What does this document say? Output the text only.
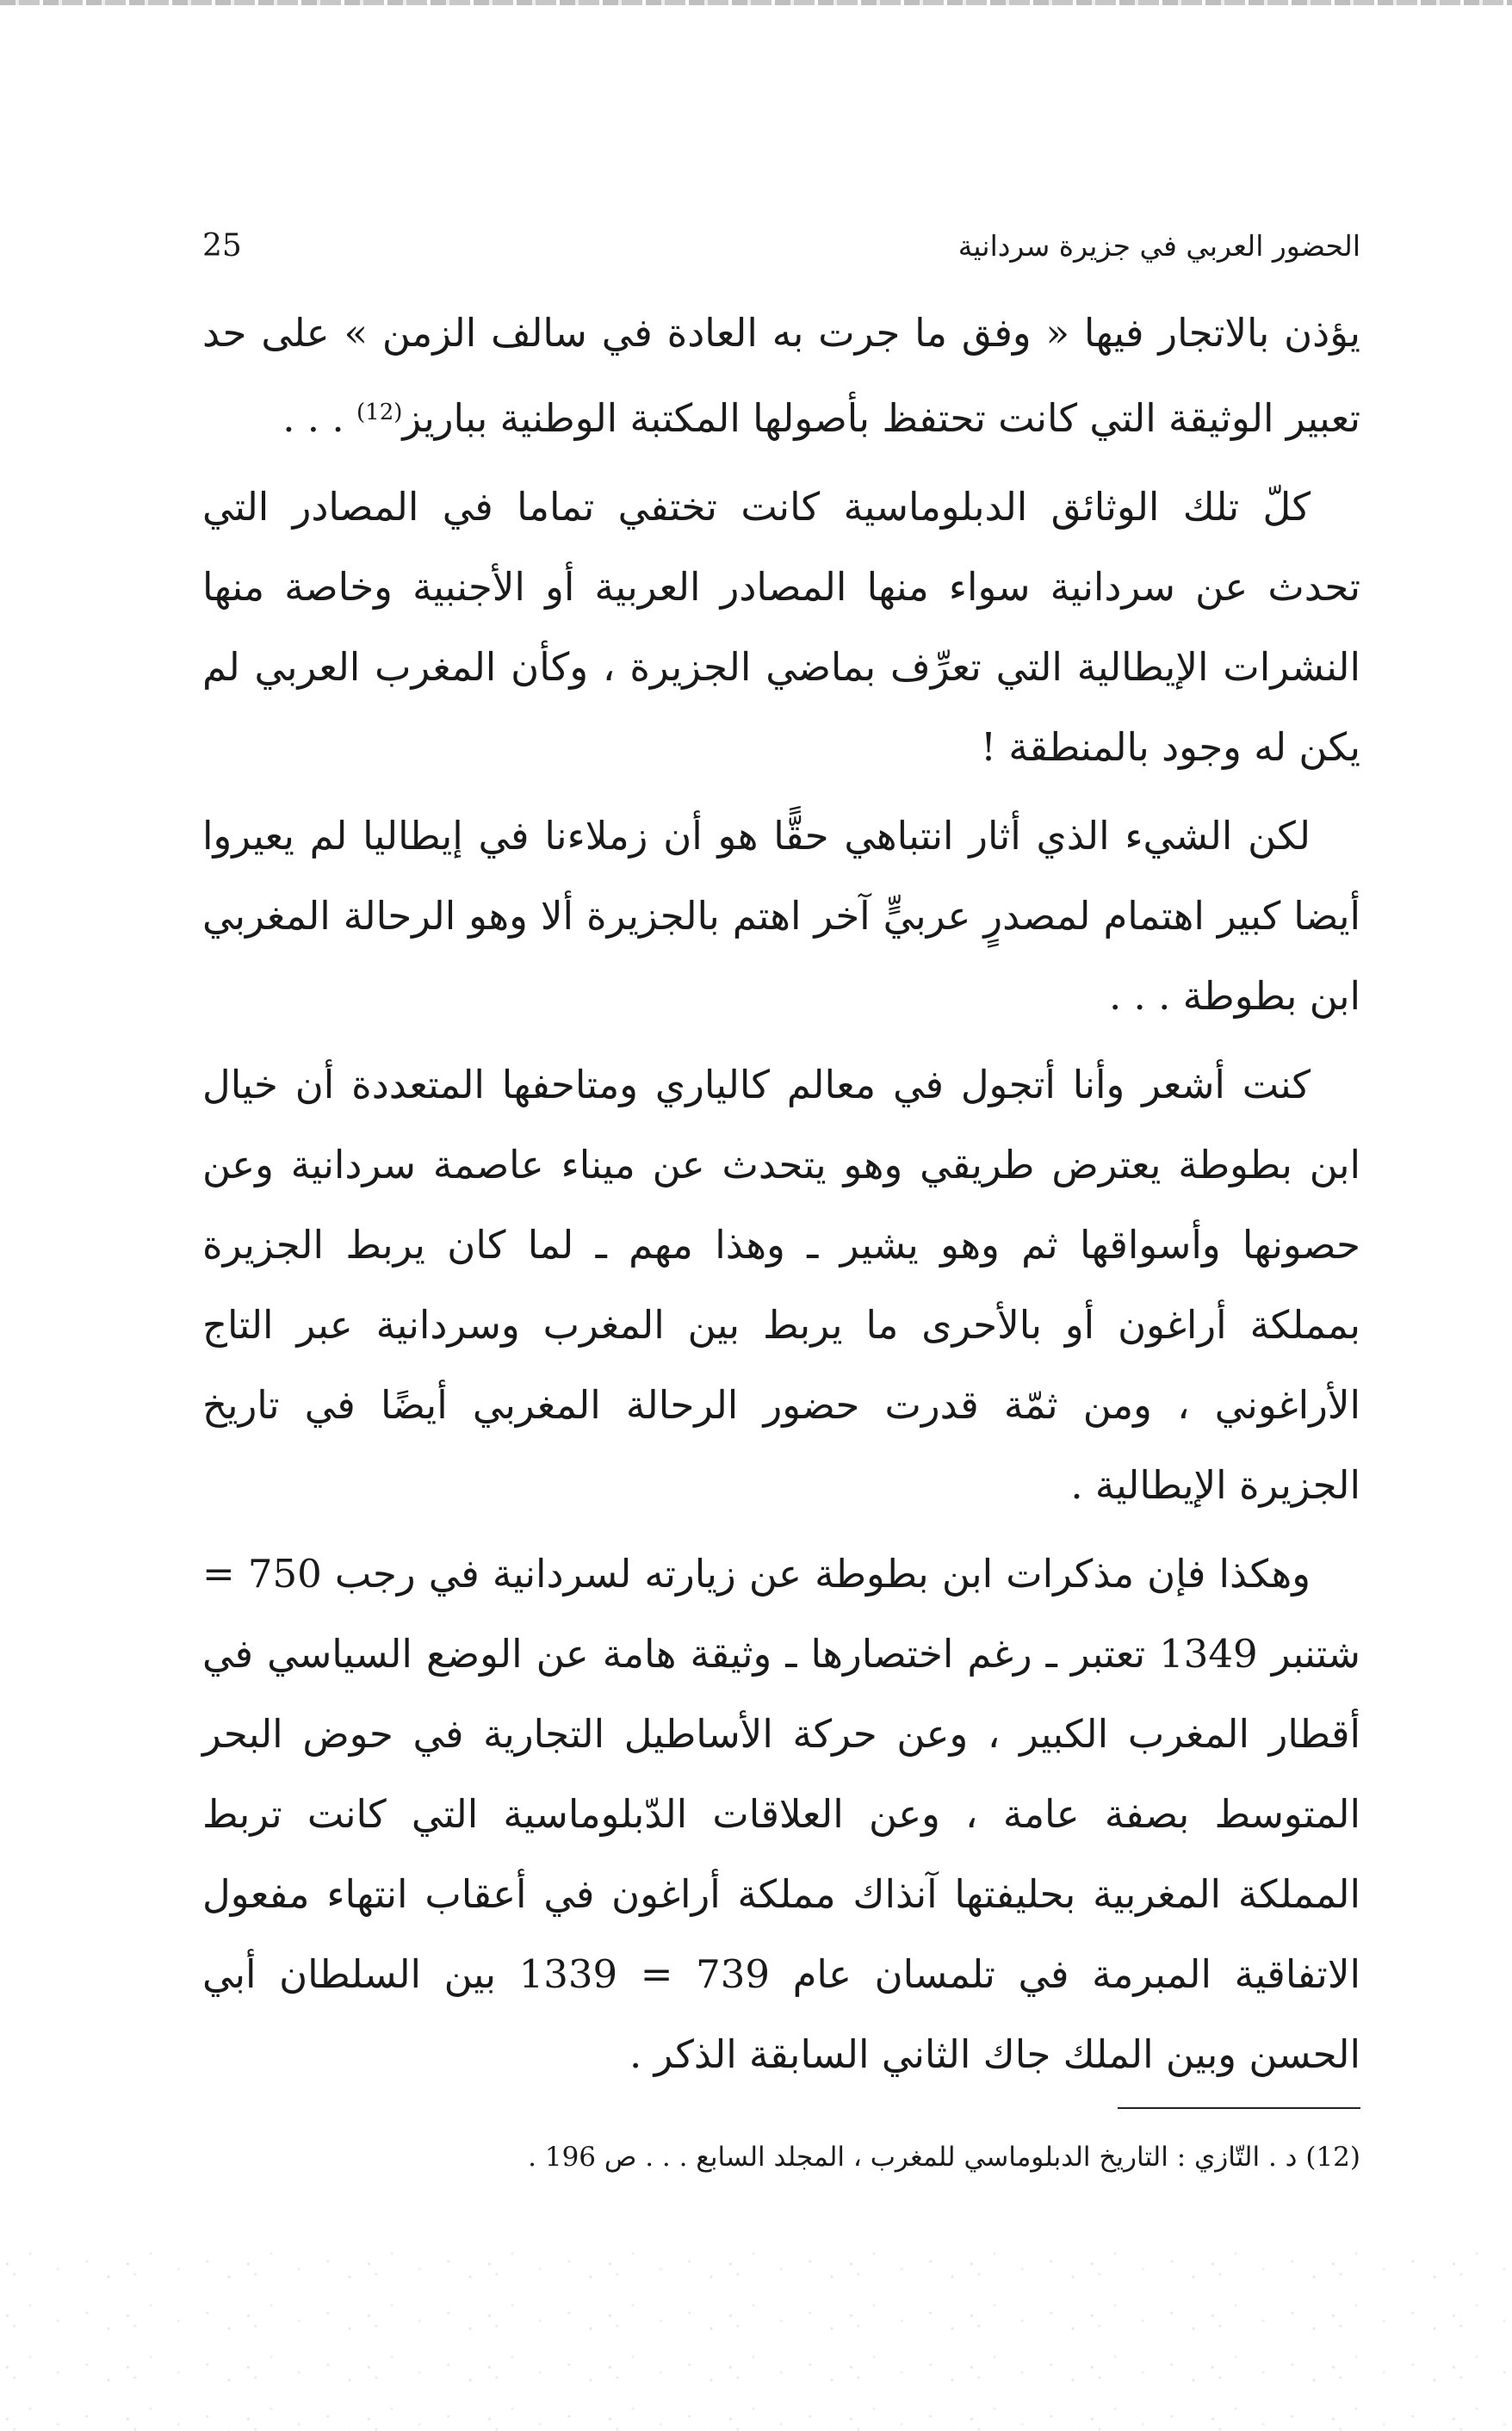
25	الحضور العربي في جزيرة سردانية

يؤذن بالاتجار فيها « وفق ما جرت به العادة في سالف الزمن » على حد تعبير الوثيقة التي كانت تحتفظ بأصولها المكتبة الوطنية بباريز$^{(12)}$ . . .

كلّ تلك الوثائق الدبلوماسية كانت تختفي تماما في المصادر التي تحدث عن سردانية سواء منها المصادر العربية أو الأجنبية وخاصة منها النشرات الإيطالية التي تعرِّف بماضي الجزيرة ، وكأن المغرب العربي لم يكن له وجود بالمنطقة !

لكن الشيء الذي أثار انتباهي حقًّا هو أن زملاءنا في إيطاليا لم يعيروا أيضا كبير اهتمام لمصدرٍ عربيٍّ آخر اهتم بالجزيرة ألا وهو الرحالة المغربي ابن بطوطة . . .

كنت أشعر وأنا أتجول في معالم كالياري ومتاحفها المتعددة أن خيال ابن بطوطة يعترض طريقي وهو يتحدث عن ميناء عاصمة سردانية وعن حصونها وأسواقها ثم وهو يشير ـ وهذا مهم ـ لما كان يربط الجزيرة بمملكة أراغون أو بالأحرى ما يربط بين المغرب وسردانية عبر التاج الأراغوني ، ومن ثمّة قدرت حضور الرحالة المغربي أيضًا في تاريخ الجزيرة الإيطالية .

وهكذا فإن مذكرات ابن بطوطة عن زيارته لسردانية في رجب 750 = شتنبر 1349 تعتبر ـ رغم اختصارها ـ وثيقة هامة عن الوضع السياسي في أقطار المغرب الكبير ، وعن حركة الأساطيل التجارية في حوض البحر المتوسط بصفة عامة ، وعن العلاقات الدّبلوماسية التي كانت تربط المملكة المغربية بحليفتها آنذاك مملكة أراغون في أعقاب انتهاء مفعول الاتفاقية المبرمة في تلمسان عام 739 = 1339 بين السلطان أبي الحسن وبين الملك جاك الثاني السابقة الذكر .

(12) د . التّازي : التاريخ الدبلوماسي للمغرب ، المجلد السابع . . . ص 196 .
